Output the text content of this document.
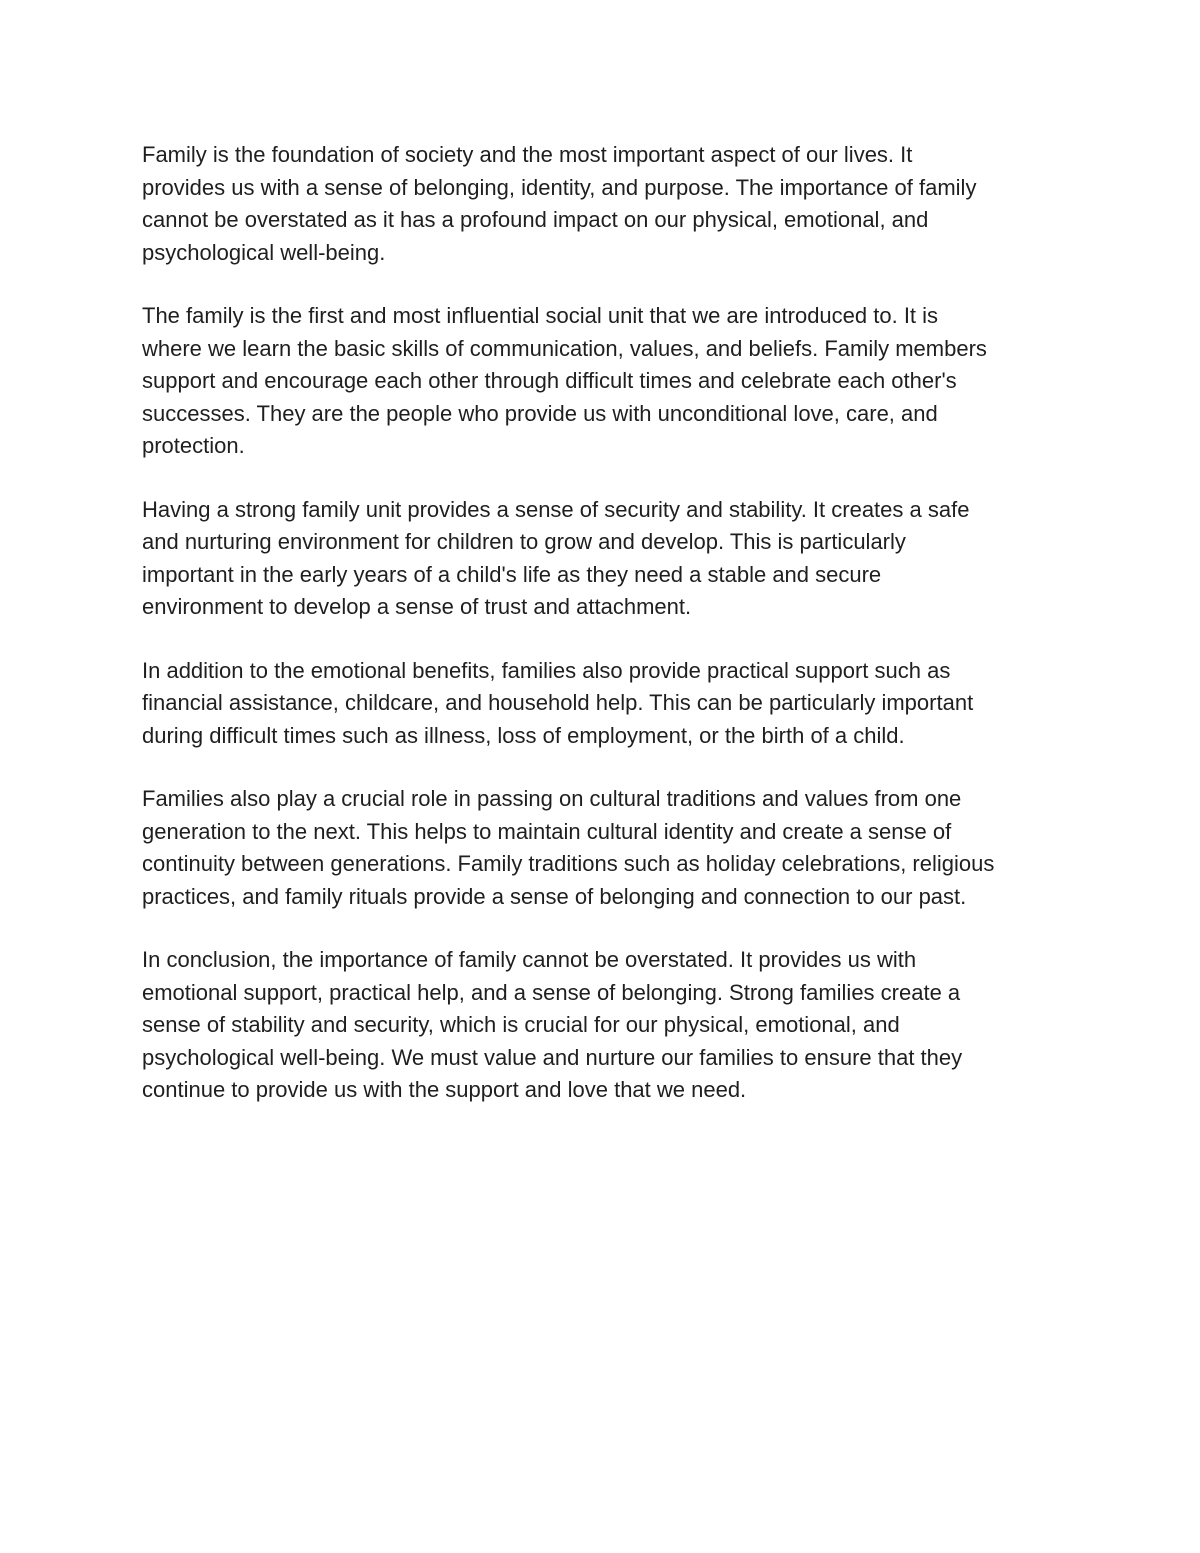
Family is the foundation of society and the most important aspect of our lives. It
provides us with a sense of belonging, identity, and purpose. The importance of family
cannot be overstated as it has a profound impact on our physical, emotional, and
psychological well-being.

The family is the first and most influential social unit that we are introduced to. It is
where we learn the basic skills of communication, values, and beliefs. Family members
support and encourage each other through difficult times and celebrate each other's
successes. They are the people who provide us with unconditional love, care, and
protection.

Having a strong family unit provides a sense of security and stability. It creates a safe
and nurturing environment for children to grow and develop. This is particularly
important in the early years of a child's life as they need a stable and secure
environment to develop a sense of trust and attachment.

In addition to the emotional benefits, families also provide practical support such as
financial assistance, childcare, and household help. This can be particularly important
during difficult times such as illness, loss of employment, or the birth of a child.

Families also play a crucial role in passing on cultural traditions and values from one
generation to the next. This helps to maintain cultural identity and create a sense of
continuity between generations. Family traditions such as holiday celebrations, religious
practices, and family rituals provide a sense of belonging and connection to our past.

In conclusion, the importance of family cannot be overstated. It provides us with
emotional support, practical help, and a sense of belonging. Strong families create a
sense of stability and security, which is crucial for our physical, emotional, and
psychological well-being. We must value and nurture our families to ensure that they
continue to provide us with the support and love that we need.
